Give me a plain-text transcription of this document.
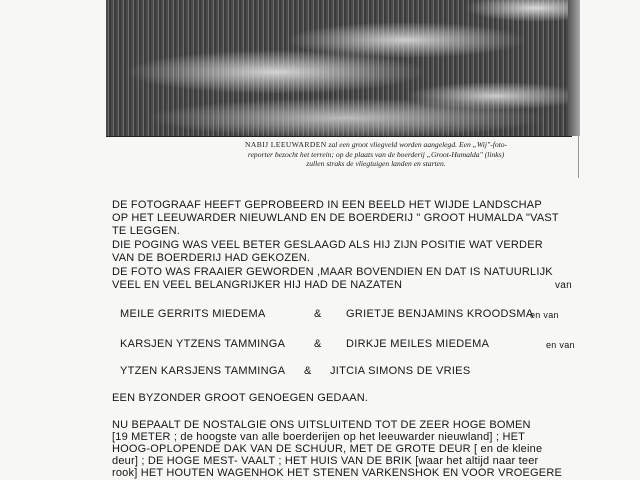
NABIJ LEEUWARDEN zal een groot vliegveld worden aangelegd. Een „Wij"-foto-
reporter bezocht het terrein; op de plaats van de boerderij „Groot-Humalda" (links)
zullen straks de vliegtuigen landen en starten.
DE FOTOGRAAF HEEFT GEPROBEERD IN EEN BEELD HET WIJDE LANDSCHAP
OP HET LEEUWARDER NIEUWLAND EN DE BOERDERIJ " GROOT HUMALDA "VAST
TE LEGGEN.
DIE POGING WAS VEEL BETER GESLAAGD ALS HIJ ZIJN POSITIE WAT VERDER
VAN DE BOERDERIJ HAD GEKOZEN.
DE FOTO WAS FRAAIER GEWORDEN ,MAAR BOVENDIEN EN DAT IS NATUURLIJK
VEEL EN VEEL BELANGRIJKER HIJ HAD DE NAZATEN	van
MEILE GERRITS MIEDEMA	& GRIETJE BENJAMINS KROODSMA
en van
KARSJEN YTZENS TAMMINGA	& DIRKJE MEILES MIEDEMA	en van
YTZEN KARSJENS TAMMINGA & JITCIA SIMONS DE VRIES
EEN BYZONDER GROOT GENOEGEN GEDAAN.
NU BEPAALT DE NOSTALGIE ONS UITSLUITEND TOT DE ZEER HOGE BOMEN
[19 METER ; de hoogste van alle boerderijen op het leeuwarder nieuwland] ; HET
HOOG-OPLOPENDE DAK VAN DE SCHUUR, MET DE GROTE DEUR [ en de kleine
deur] ; DE HOGE MEST- VAALT ; HET HUIS VAN DE BRIK [waar het altijd naar teer
rook] HET HOUTEN WAGENHOK HET STENEN VARKENSHOK EN VOOR VROEGERE
